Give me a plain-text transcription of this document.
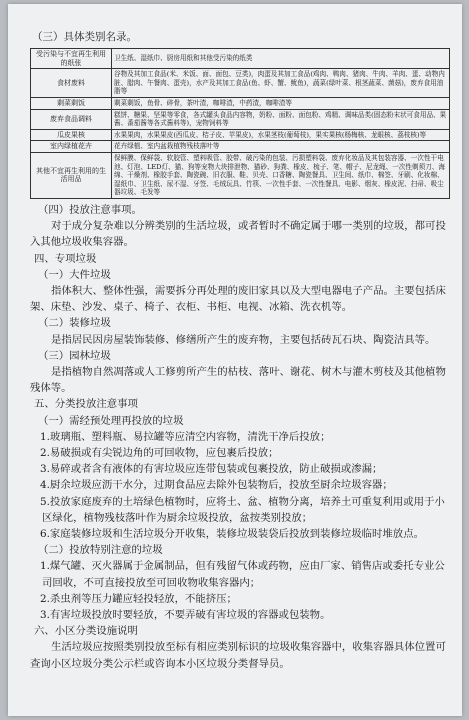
（三）具体类别名录。

受污染与不宜再生利用的纸张	卫生纸、湿纸巾、厨房用纸和其他受污染的纸类
食材废料	谷物及其加工食品(米、米饭、面、面包、豆类)，肉蛋及其加工食品(鸡肉、鸭肉、猪肉、牛肉、羊肉、蛋、动物内脏、腊肉、午餐肉、蛋壳)，水产及其加工食品(鱼、虾、蟹、鱿鱼)，蔬菜(绿叶菜、根茎蔬菜、菌菇)，废弃食用油脂等
剩菜剩饭	剩菜剩饭，鱼骨、碎骨，茶叶渣，咖啡渣，中药渣，咖啡渣等
废弃食品调料	糕饼、糖果、坚果等零食，各式罐头食品内容物，奶粉、面粉、面包粉、鸡精、调味品类(固态粉末状可食用品、果酱、番茄酱等各式酱料等)，宠物饲料等
瓜皮果核	水果果肉，水果果皮(西瓜皮、桔子皮、苹果皮)，水果茎枝(葡萄枝)，果实果核(杨梅核、龙眼核、荔枝核)等
室内绿植花卉	花卉绿植、室内盆栽植物残枝落叶等
其他不宜再生利用的生活用品	保鲜膜、保鲜袋、软胶管、塑料吸管、胶带、破污染的包装、污损塑料袋、废弃化妆品及其包装容器、一次性干电池、灯泡、LED灯、猫、狗等宠物大块排泄物、猫砂、狗粪、橡皮、梳子、笔、帽子、尼龙绳、一次性剃须刀、海绵、干燥剂、橡胶手套、陶瓷碗、旧衣服、鞋、贝壳、口香糖、陶瓷餐具、卫生间、纸巾、棉签、牙刷、化妆棉、湿纸巾、卫生纸、尿不湿、牙签、毛绒玩具、竹筷、一次性手套、一次性餐具、电影、烟灰、橡皮泥、扫帚、吸尘器垃圾、毛发等

（四）投放注意事项。

对于成分复杂难以分辨类别的生活垃圾，或者暂时不确定属于哪一类别的垃圾，都可投入其他垃圾收集容器。

四、专项垃圾

（一）大件垃圾

指体积大、整体性强，需要拆分再处理的废旧家具以及大型电器电子产品。主要包括床架、床垫、沙发、桌子、椅子、衣柜、书柜、电视、冰箱、洗衣机等。

（二）装修垃圾

是指居民因房屋装饰装修、修缮所产生的废弃物，主要包括砖瓦石块、陶瓷洁具等。

（三）园林垃圾

是指植物自然凋落或人工修剪所产生的枯枝、落叶、谢花、树木与灌木剪枝及其他植物残体等。

五、分类投放注意事项

（一）需经预处理再投放的垃圾

1.玻璃瓶、塑料瓶、易拉罐等应清空内容物，清洗干净后投放；

2.易破损或有尖锐边角的可回收物，应包裹后投放；

3.易碎或者含有液体的有害垃圾应连带包装或包裹投放，防止破损或渗漏；

4.厨余垃圾应沥干水分，过期食品应去除外包装物后，投放至厨余垃圾容器；

5.投放家庭废弃的土培绿色植物时，应将土、盆、植物分离，培养土可重复利用或用于小区绿化，植物残枝落叶作为厨余垃圾投放，盆按类别投放；

6.家庭装修垃圾和生活垃圾分开收集，装修垃圾装袋后投放到装修垃圾临时堆放点。

（二）投放特别注意的垃圾

1.煤气罐、灭火器属于金属制品，但有残留气体或药物，应由厂家、销售店或委托专业公司回收，不可直接投放至可回收物收集容器内；

2.杀虫剂等压力罐应轻投轻放，不能挤压；

3.有害垃圾投放时要轻放，不要弄破有害垃圾的容器或包装物。

六、小区分类设施说明

生活垃圾应按照类别投放至标有相应类别标识的垃圾收集容器中，收集容器具体位置可查询小区垃圾分类公示栏或咨询本小区垃圾分类督导员。
